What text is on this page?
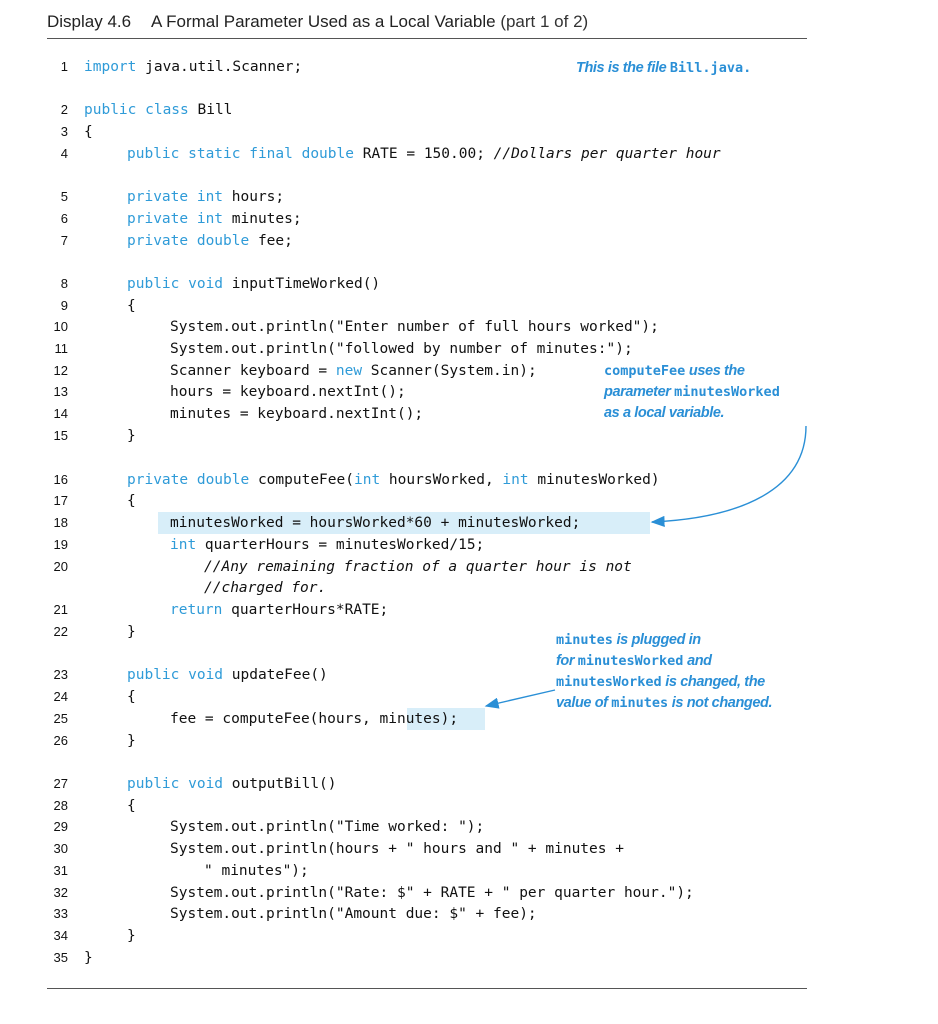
Display 4.6 A Formal Parameter Used as a Local Variable (part 1 of 2)
1 import java.util.Scanner;
2 public class Bill
3 {
4	public static final double RATE = 150.00; //Dollars per quarter hour
5	private int hours;
6	private int minutes;
7	private double fee;
8	public void inputTimeWorked()
9	{
10	System.out.println("Enter number of full hours worked");
11	System.out.println("followed by number of minutes:");
12	Scanner keyboard = new Scanner(System.in);
13	hours = keyboard.nextInt();
14	minutes = keyboard.nextInt();
15	}
16	private double computeFee(int hoursWorked, int minutesWorked)
17	{
18	minutesWorked = hoursWorked*60 + minutesWorked;
19	int quarterHours = minutesWorked/15;
20	//Any remaining fraction of a quarter hour is not
//charged for.
21	return quarterHours*RATE;
22	}
23	public void updateFee()
24	{
25	fee = computeFee(hours, minutes);
26	}
27	public void outputBill()
28	{
29	System.out.println("Time worked: ");
30	System.out.println(hours + " hours and " + minutes +
31	" minutes");
32	System.out.println("Rate: $" + RATE + " per quarter hour.");
33	System.out.println("Amount due: $" + fee);
34	}
35 }
This is the file Bill.java.
computeFee uses the
parameter minutesWorked
as a local variable.
minutes is plugged in
for minutesWorked and
minutesWorked is changed, the
value of minutes is not changed.
